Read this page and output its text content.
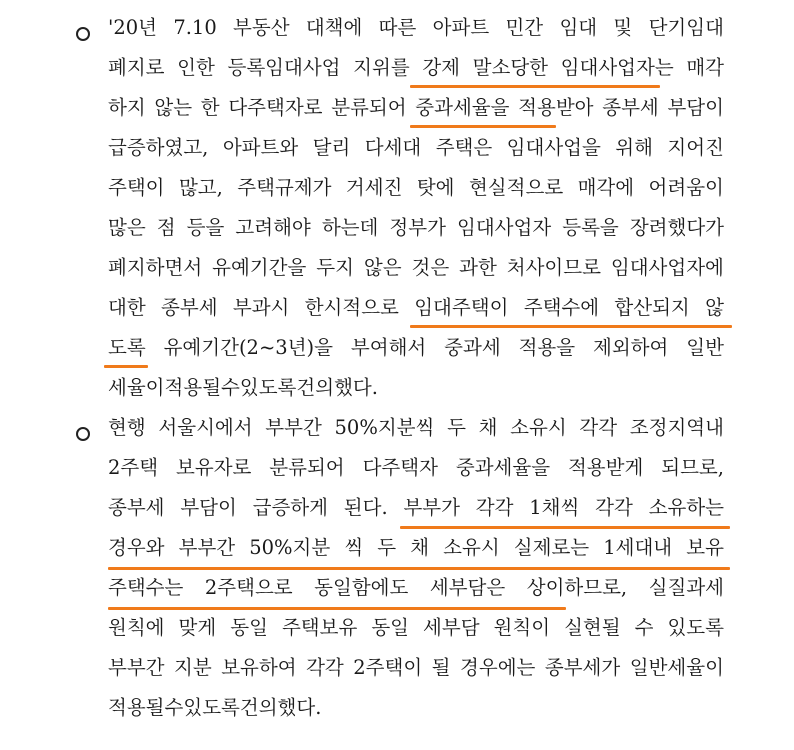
'20년 7.10 부동산 대책에 따른 아파트 민간 임대 및 단기임대
폐지로 인한 등록임대사업 지위를 강제 말소당한 임대사업자는 매각
하지 않는 한 다주택자로 분류되어 중과세율을 적용받아 종부세 부담이
급증하였고, 아파트와 달리 다세대 주택은 임대사업을 위해 지어진
주택이 많고, 주택규제가 거세진 탓에 현실적으로 매각에 어려움이
많은 점 등을 고려해야 하는데 정부가 임대사업자 등록을 장려했다가
폐지하면서 유예기간을 두지 않은 것은 과한 처사이므로 임대사업자에
대한 종부세 부과시 한시적으로 임대주택이 주택수에 합산되지 않
도록 유예기간(2~3년)을 부여해서 중과세 적용을 제외하여 일반
세율이 적용될 수 있도록 건의했다.
현행 서울시에서 부부간 50%지분씩 두 채 소유시 각각 조정지역내
2주택 보유자로 분류되어 다주택자 중과세율을 적용받게 되므로,
종부세 부담이 급증하게 된다. 부부가 각각 1채씩 각각 소유하는
경우와 부부간 50%지분 씩 두 채 소유시 실제로는 1세대내 보유
주택수는 2주택으로 동일함에도 세부담은 상이하므로, 실질과세
원칙에 맞게 동일 주택보유 동일 세부담 원칙이 실현될 수 있도록
부부간 지분 보유하여 각각 2주택이 될 경우에는 종부세가 일반세율이
적용될 수 있도록 건의했다.
